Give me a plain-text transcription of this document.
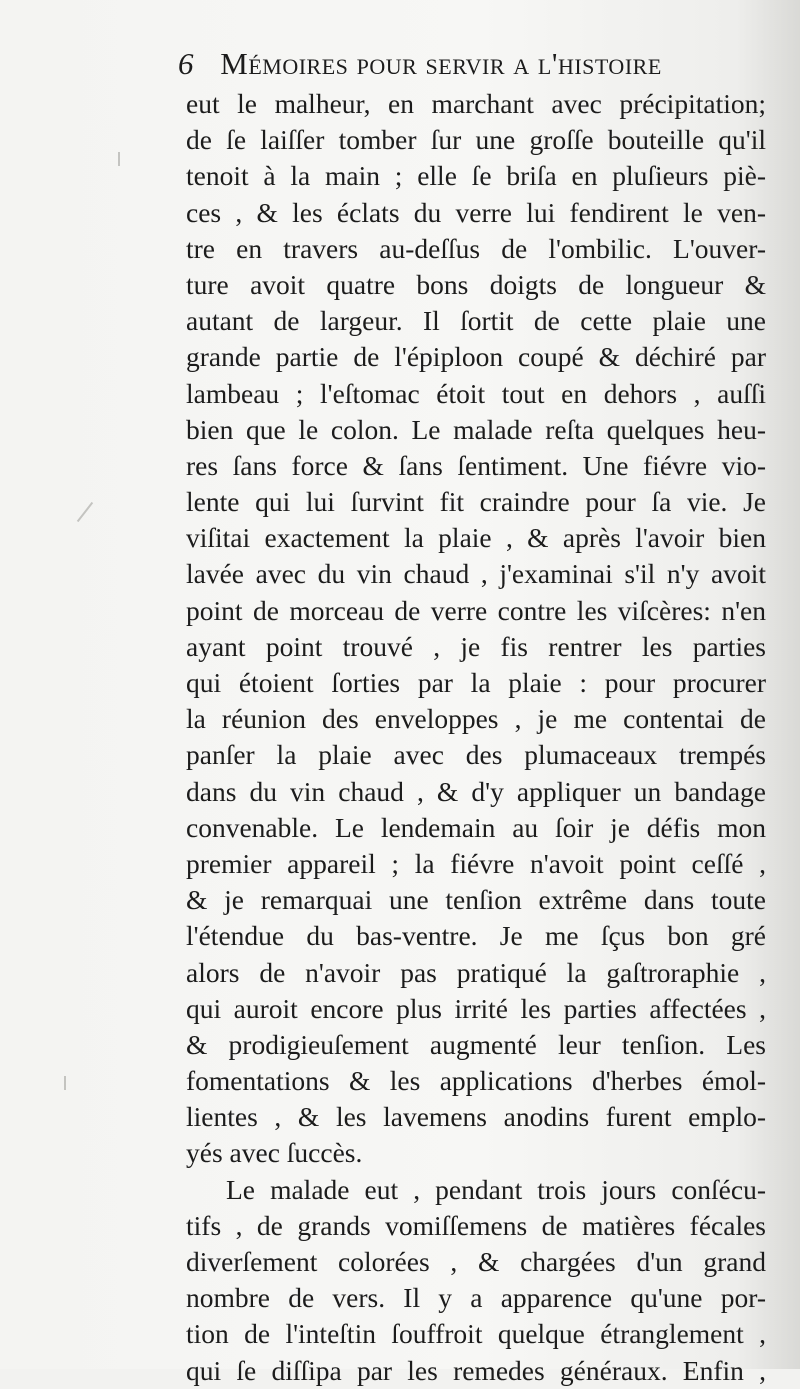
6 Mémoires pour servir a l'histoire
eut le malheur, en marchant avec précipitation;
de ſe laiſſer tomber ſur une groſſe bouteille qu'il
tenoit à la main ; elle ſe briſa en pluſieurs piè-
ces , & les éclats du verre lui fendirent le ven-
tre en travers au-deſſus de l'ombilic. L'ouver-
ture avoit quatre bons doigts de longueur &
autant de largeur. Il ſortit de cette plaie une
grande partie de l'épiploon coupé & déchiré par
lambeau ; l'eſtomac étoit tout en dehors , auſſi
bien que le colon. Le malade reſta quelques heu-
res ſans force & ſans ſentiment. Une fiévre vio-
lente qui lui ſurvint fit craindre pour ſa vie. Je
viſitai exactement la plaie , & après l'avoir bien
lavée avec du vin chaud , j'examinai s'il n'y avoit
point de morceau de verre contre les viſcères: n'en
ayant point trouvé , je fis rentrer les parties
qui étoient ſorties par la plaie : pour procurer
la réunion des enveloppes , je me contentai de
panſer la plaie avec des plumaceaux trempés
dans du vin chaud , & d'y appliquer un bandage
convenable. Le lendemain au ſoir je défis mon
premier appareil ; la fiévre n'avoit point ceſſé ,
& je remarquai une tenſion extrême dans toute
l'étendue du bas-ventre. Je me ſçus bon gré
alors de n'avoir pas pratiqué la gaſtroraphie ,
qui auroit encore plus irrité les parties affectées ,
& prodigieuſement augmenté leur tenſion. Les
fomentations & les applications d'herbes émol-
lientes , & les lavemens anodins furent emplo-
yés avec ſuccès.
Le malade eut , pendant trois jours conſécu-
tifs , de grands vomiſſemens de matières fécales
diverſement colorées , & chargées d'un grand
nombre de vers. Il y a apparence qu'une por-
tion de l'inteſtin ſouffroit quelque étranglement ,
qui ſe diſſipa par les remedes généraux. Enfin ,
